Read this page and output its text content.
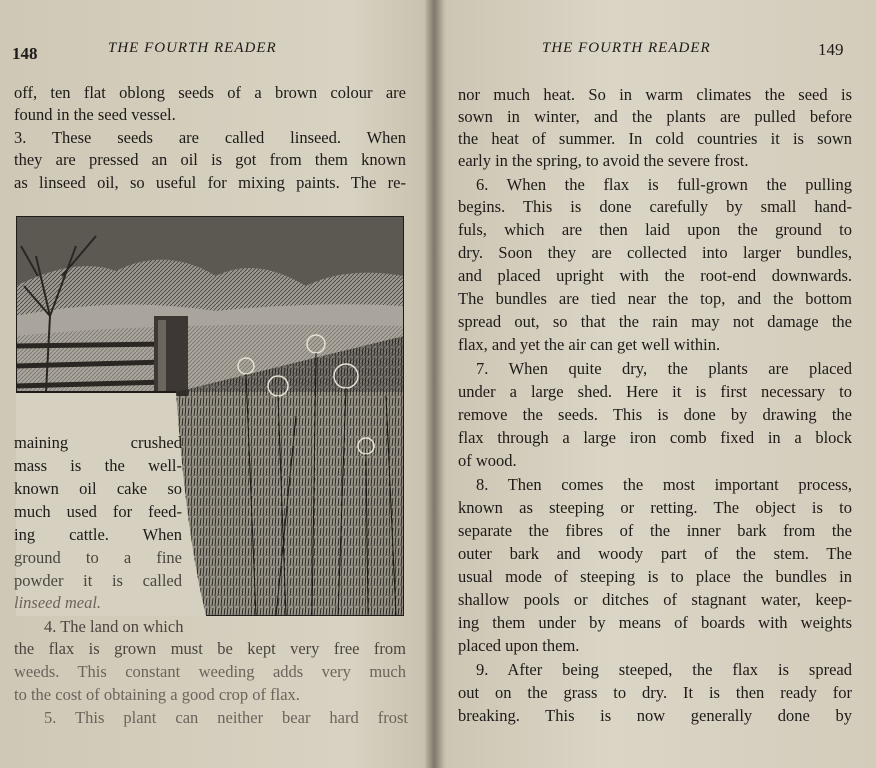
148	THE FOURTH READER
off, ten flat oblong seeds of a brown colour are
found in the seed vessel.
3. These seeds are called linseed. When
they are pressed an oil is got from them known
as linseed oil, so useful for mixing paints. The re-
maining crushed
mass is the well-
known oil cake so
much used for feed-
ing cattle. When
ground to a fine
powder it is called
linseed meal.
4. The land on which
the flax is grown must be kept very free from
weeds. This constant weeding adds very much
to the cost of obtaining a good crop of flax.
5. This plant can neither bear hard frost
THE FOURTH READER	149
nor much heat. So in warm climates the seed is
sown in winter, and the plants are pulled before
the heat of summer. In cold countries it is sown
early in the spring, to avoid the severe frost.
6. When the flax is full-grown the pulling
begins. This is done carefully by small hand-
fuls, which are then laid upon the ground to
dry. Soon they are collected into larger bundles,
and placed upright with the root-end downwards.
The bundles are tied near the top, and the bottom
spread out, so that the rain may not damage the
flax, and yet the air can get well within.
7. When quite dry, the plants are placed
under a large shed. Here it is first necessary to
remove the seeds. This is done by drawing the
flax through a large iron comb fixed in a block
of wood.
8. Then comes the most important process,
known as steeping or retting. The object is to
separate the fibres of the inner bark from the
outer bark and woody part of the stem. The
usual mode of steeping is to place the bundles in
shallow pools or ditches of stagnant water, keep-
ing them under by means of boards with weights
placed upon them.
9. After being steeped, the flax is spread
out on the grass to dry. It is then ready for
breaking. This is now generally done by
